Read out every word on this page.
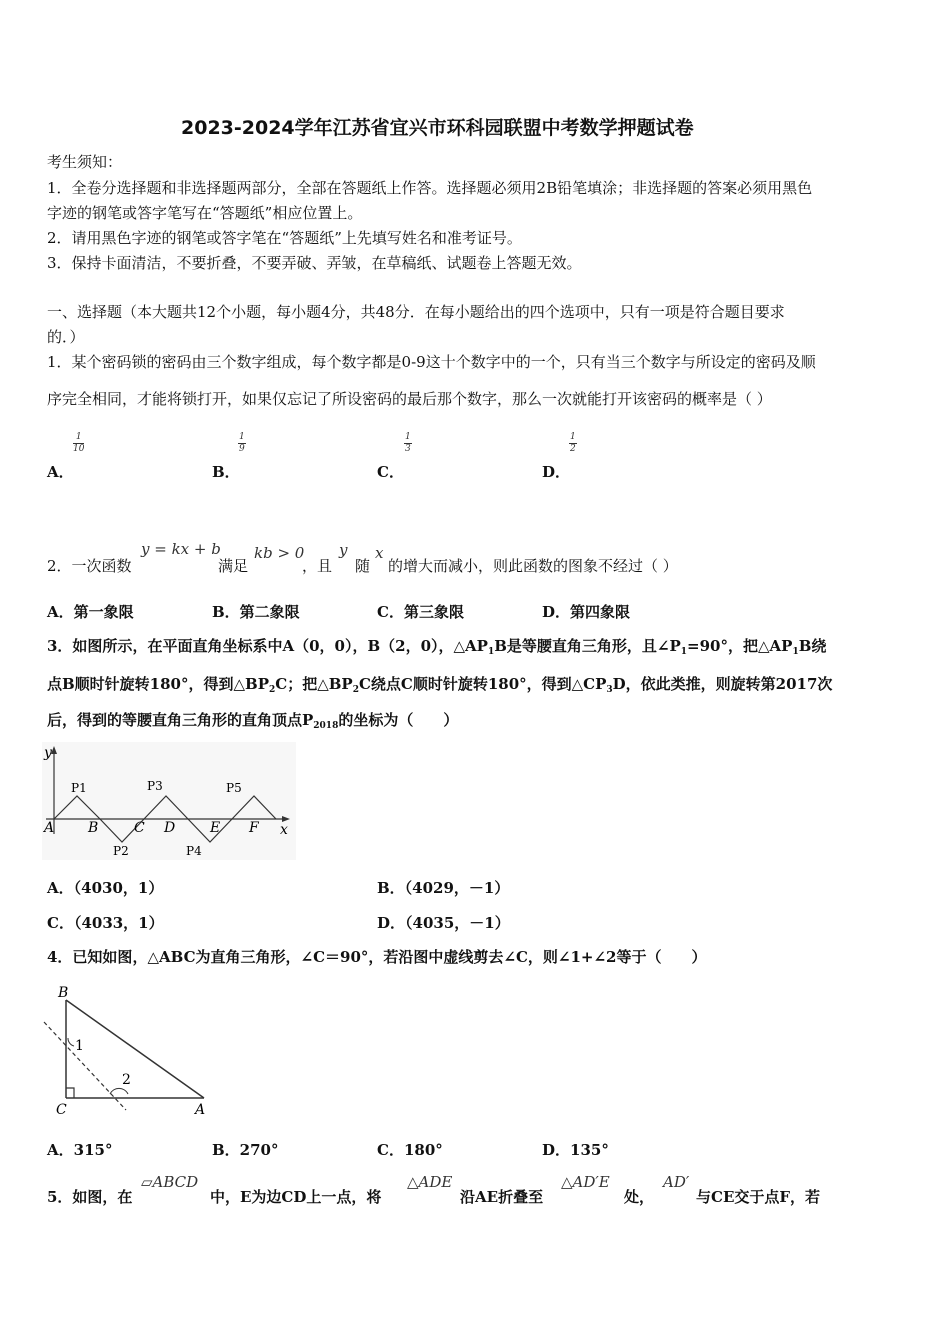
2023-2024学年江苏省宜兴市环科园联盟中考数学押题试卷
考生须知：
1．全卷分选择题和非选择题两部分，全部在答题纸上作答。选择题必须用2B铅笔填涂；非选择题的答案必须用黑色
字迹的钢笔或答字笔写在“答题纸”相应位置上。
2．请用黑色字迹的钢笔或答字笔在“答题纸”上先填写姓名和准考证号。
3．保持卡面清洁，不要折叠，不要弄破、弄皱，在草稿纸、试题卷上答题无效。
一、选择题（本大题共12个小题，每小题4分，共48分．在每小题给出的四个选项中，只有一项是符合题目要求
的．）
1．某个密码锁的密码由三个数字组成，每个数字都是0-9这十个数字中的一个，只有当三个数字与所设定的密码及顺
序完全相同，才能将锁打开，如果仅忘记了所设密码的最后那个数字，那么一次就能打开该密码的概率是（ ）
A．
$\frac{1}{10}$
B．
$\frac{1}{9}$
C．
$\frac{1}{3}$
D．
$\frac{1}{2}$
2．一次函数
y = kx + b
满足
kb > 0
，且
y
随
x
的增大而减小，则此函数的图象不经过（ ）
A．第一象限	B．第二象限	C．第三象限	D．第四象限
3．如图所示，在平面直角坐标系中A（0，0），B（2，0），$\triangle AP_1B$是等腰直角三角形，且$\angle P_1=90^\circ$，把$\triangle AP_1B$绕
点B顺时针旋转180°，得到$\triangle BP_2C$；把$\triangle BP_2C$绕点C顺时针旋转180°，得到$\triangle CP_3D$，依此类推，则旋转第2017次
后，得到的等腰直角三角形的直角顶点$P_{2018}$的坐标为（　　）
y
x
A B	C D E F
P1	P3	P5
P2	P4
A．（4030，1）	B．（4029，－1）
C．（4033，1）	D．（4035，－1）
4．已知如图，△ABC为直角三角形，∠C＝90°，若沿图中虚线剪去∠C，则∠1+∠2等于（　　）
B
C	A
1
2
A．315°	B．270°	C．180°	D．135°
5．如图，在
▱ABCD
中，E为边CD上一点，将
△ADE
沿AE折叠至
△AD′E
处，
AD′
与CE交于点F，若
